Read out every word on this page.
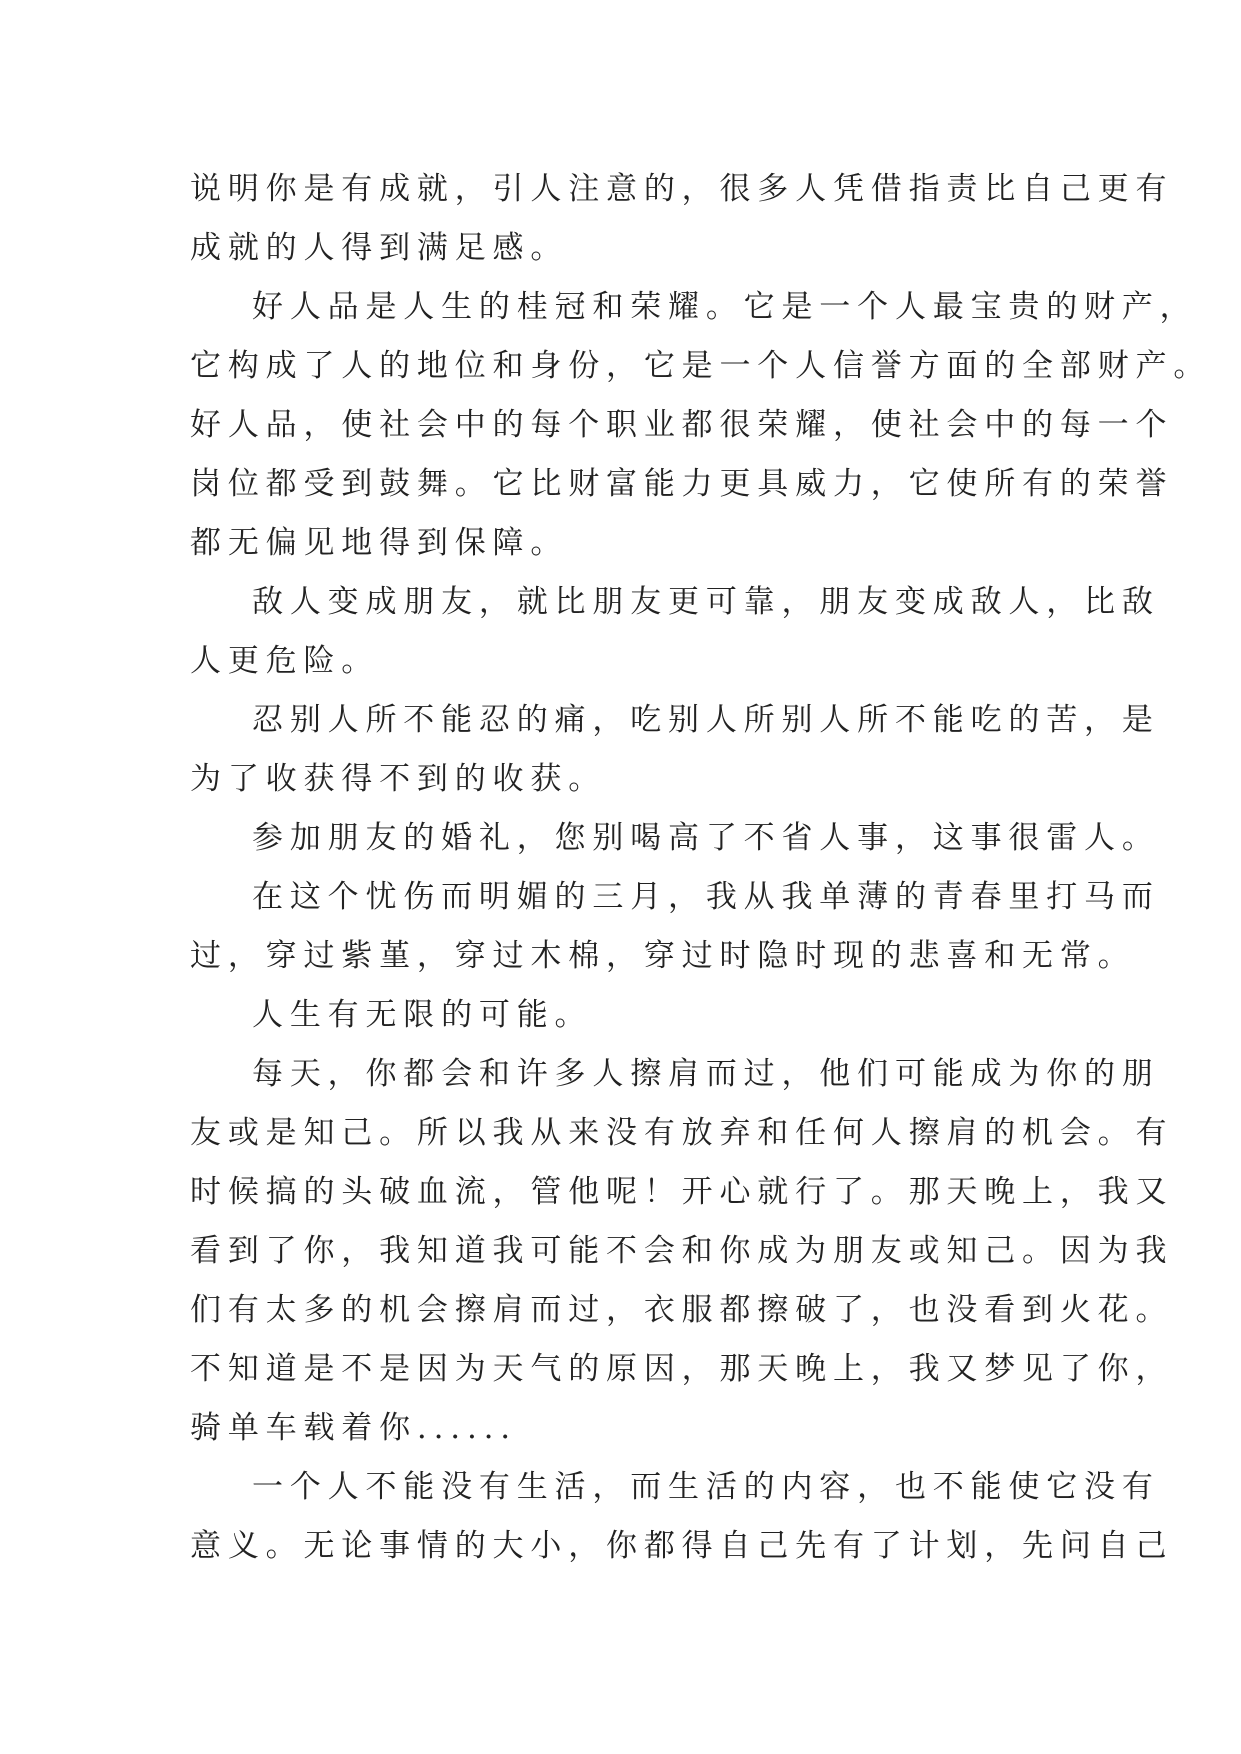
说明你是有成就，引人注意的，很多人凭借指责比自己更有
成就的人得到满足感。
好人品是人生的桂冠和荣耀。它是一个人最宝贵的财产，
它构成了人的地位和身份，它是一个人信誉方面的全部财产。
好人品，使社会中的每个职业都很荣耀，使社会中的每一个
岗位都受到鼓舞。它比财富能力更具威力，它使所有的荣誉
都无偏见地得到保障。
敌人变成朋友，就比朋友更可靠，朋友变成敌人，比敌
人更危险。
忍别人所不能忍的痛，吃别人所别人所不能吃的苦，是
为了收获得不到的收获。
参加朋友的婚礼，您别喝高了不省人事，这事很雷人。
在这个忧伤而明媚的三月，我从我单薄的青春里打马而
过，穿过紫堇，穿过木棉，穿过时隐时现的悲喜和无常。
人生有无限的可能。
每天，你都会和许多人擦肩而过，他们可能成为你的朋
友或是知己。所以我从来没有放弃和任何人擦肩的机会。有
时候搞的头破血流，管他呢！开心就行了。那天晚上，我又
看到了你，我知道我可能不会和你成为朋友或知己。因为我
们有太多的机会擦肩而过，衣服都擦破了，也没看到火花。
不知道是不是因为天气的原因，那天晚上，我又梦见了你，
骑单车载着你......
一个人不能没有生活，而生活的内容，也不能使它没有
意义。无论事情的大小，你都得自己先有了计划，先问自己
